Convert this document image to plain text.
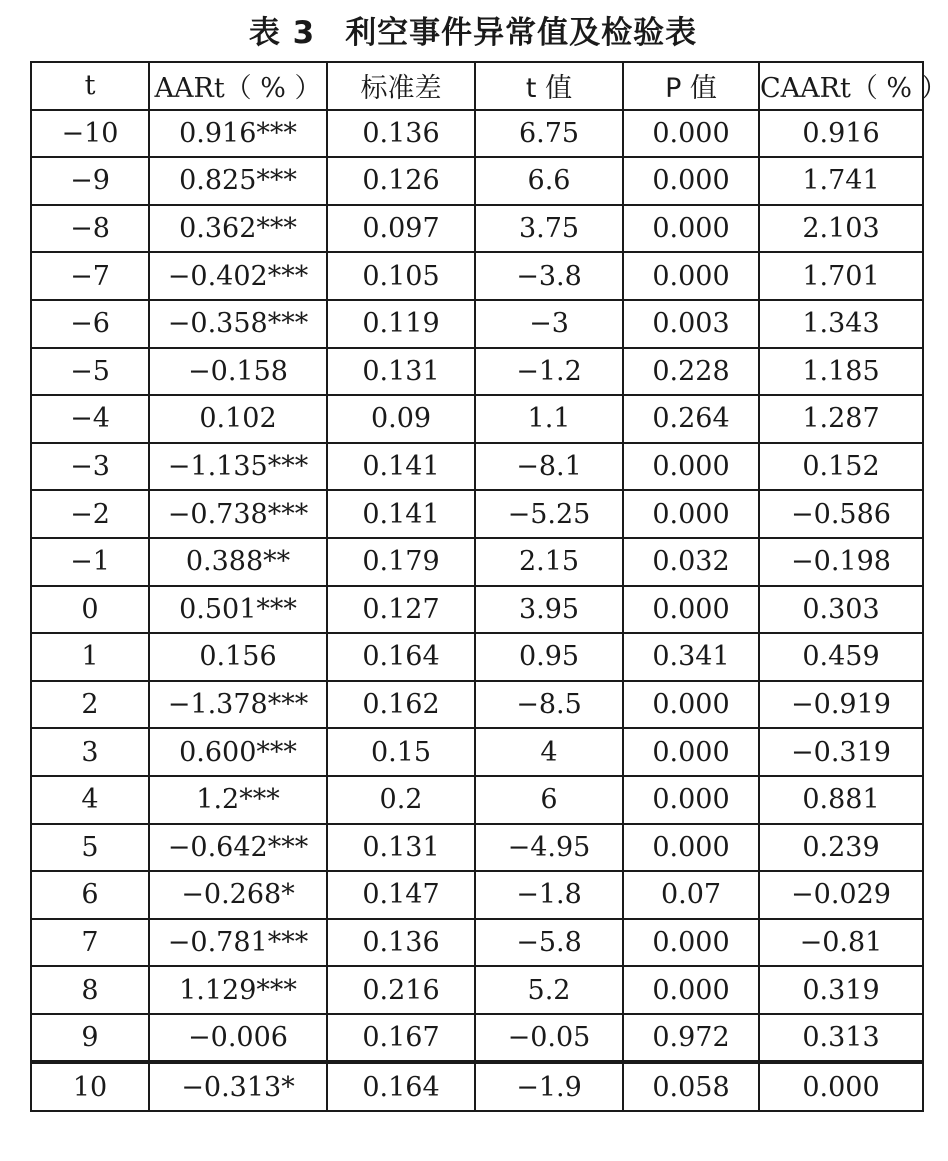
表 3 利空事件异常值及检验表
t	AARt（ % ）	标准差	t 值	P 值	CAARt（ % ）
−10	0.916***	0.136	6.75	0.000	0.916
−9	0.825***	0.126	6.6	0.000	1.741
−8	0.362***	0.097	3.75	0.000	2.103
−7	−0.402***	0.105	−3.8	0.000	1.701
−6	−0.358***	0.119	−3	0.003	1.343
−5	−0.158	0.131	−1.2	0.228	1.185
−4	0.102	0.09	1.1	0.264	1.287
−3	−1.135***	0.141	−8.1	0.000	0.152
−2	−0.738***	0.141	−5.25	0.000	−0.586
−1	0.388**	0.179	2.15	0.032	−0.198
0	0.501***	0.127	3.95	0.000	0.303
1	0.156	0.164	0.95	0.341	0.459
2	−1.378***	0.162	−8.5	0.000	−0.919
3	0.600***	0.15	4	0.000	−0.319
4	1.2***	0.2	6	0.000	0.881
5	−0.642***	0.131	−4.95	0.000	0.239
6	−0.268*	0.147	−1.8	0.07	−0.029
7	−0.781***	0.136	−5.8	0.000	−0.81
8	1.129***	0.216	5.2	0.000	0.319
9	−0.006	0.167	−0.05	0.972	0.313
10	−0.313*	0.164	−1.9	0.058	0.000
